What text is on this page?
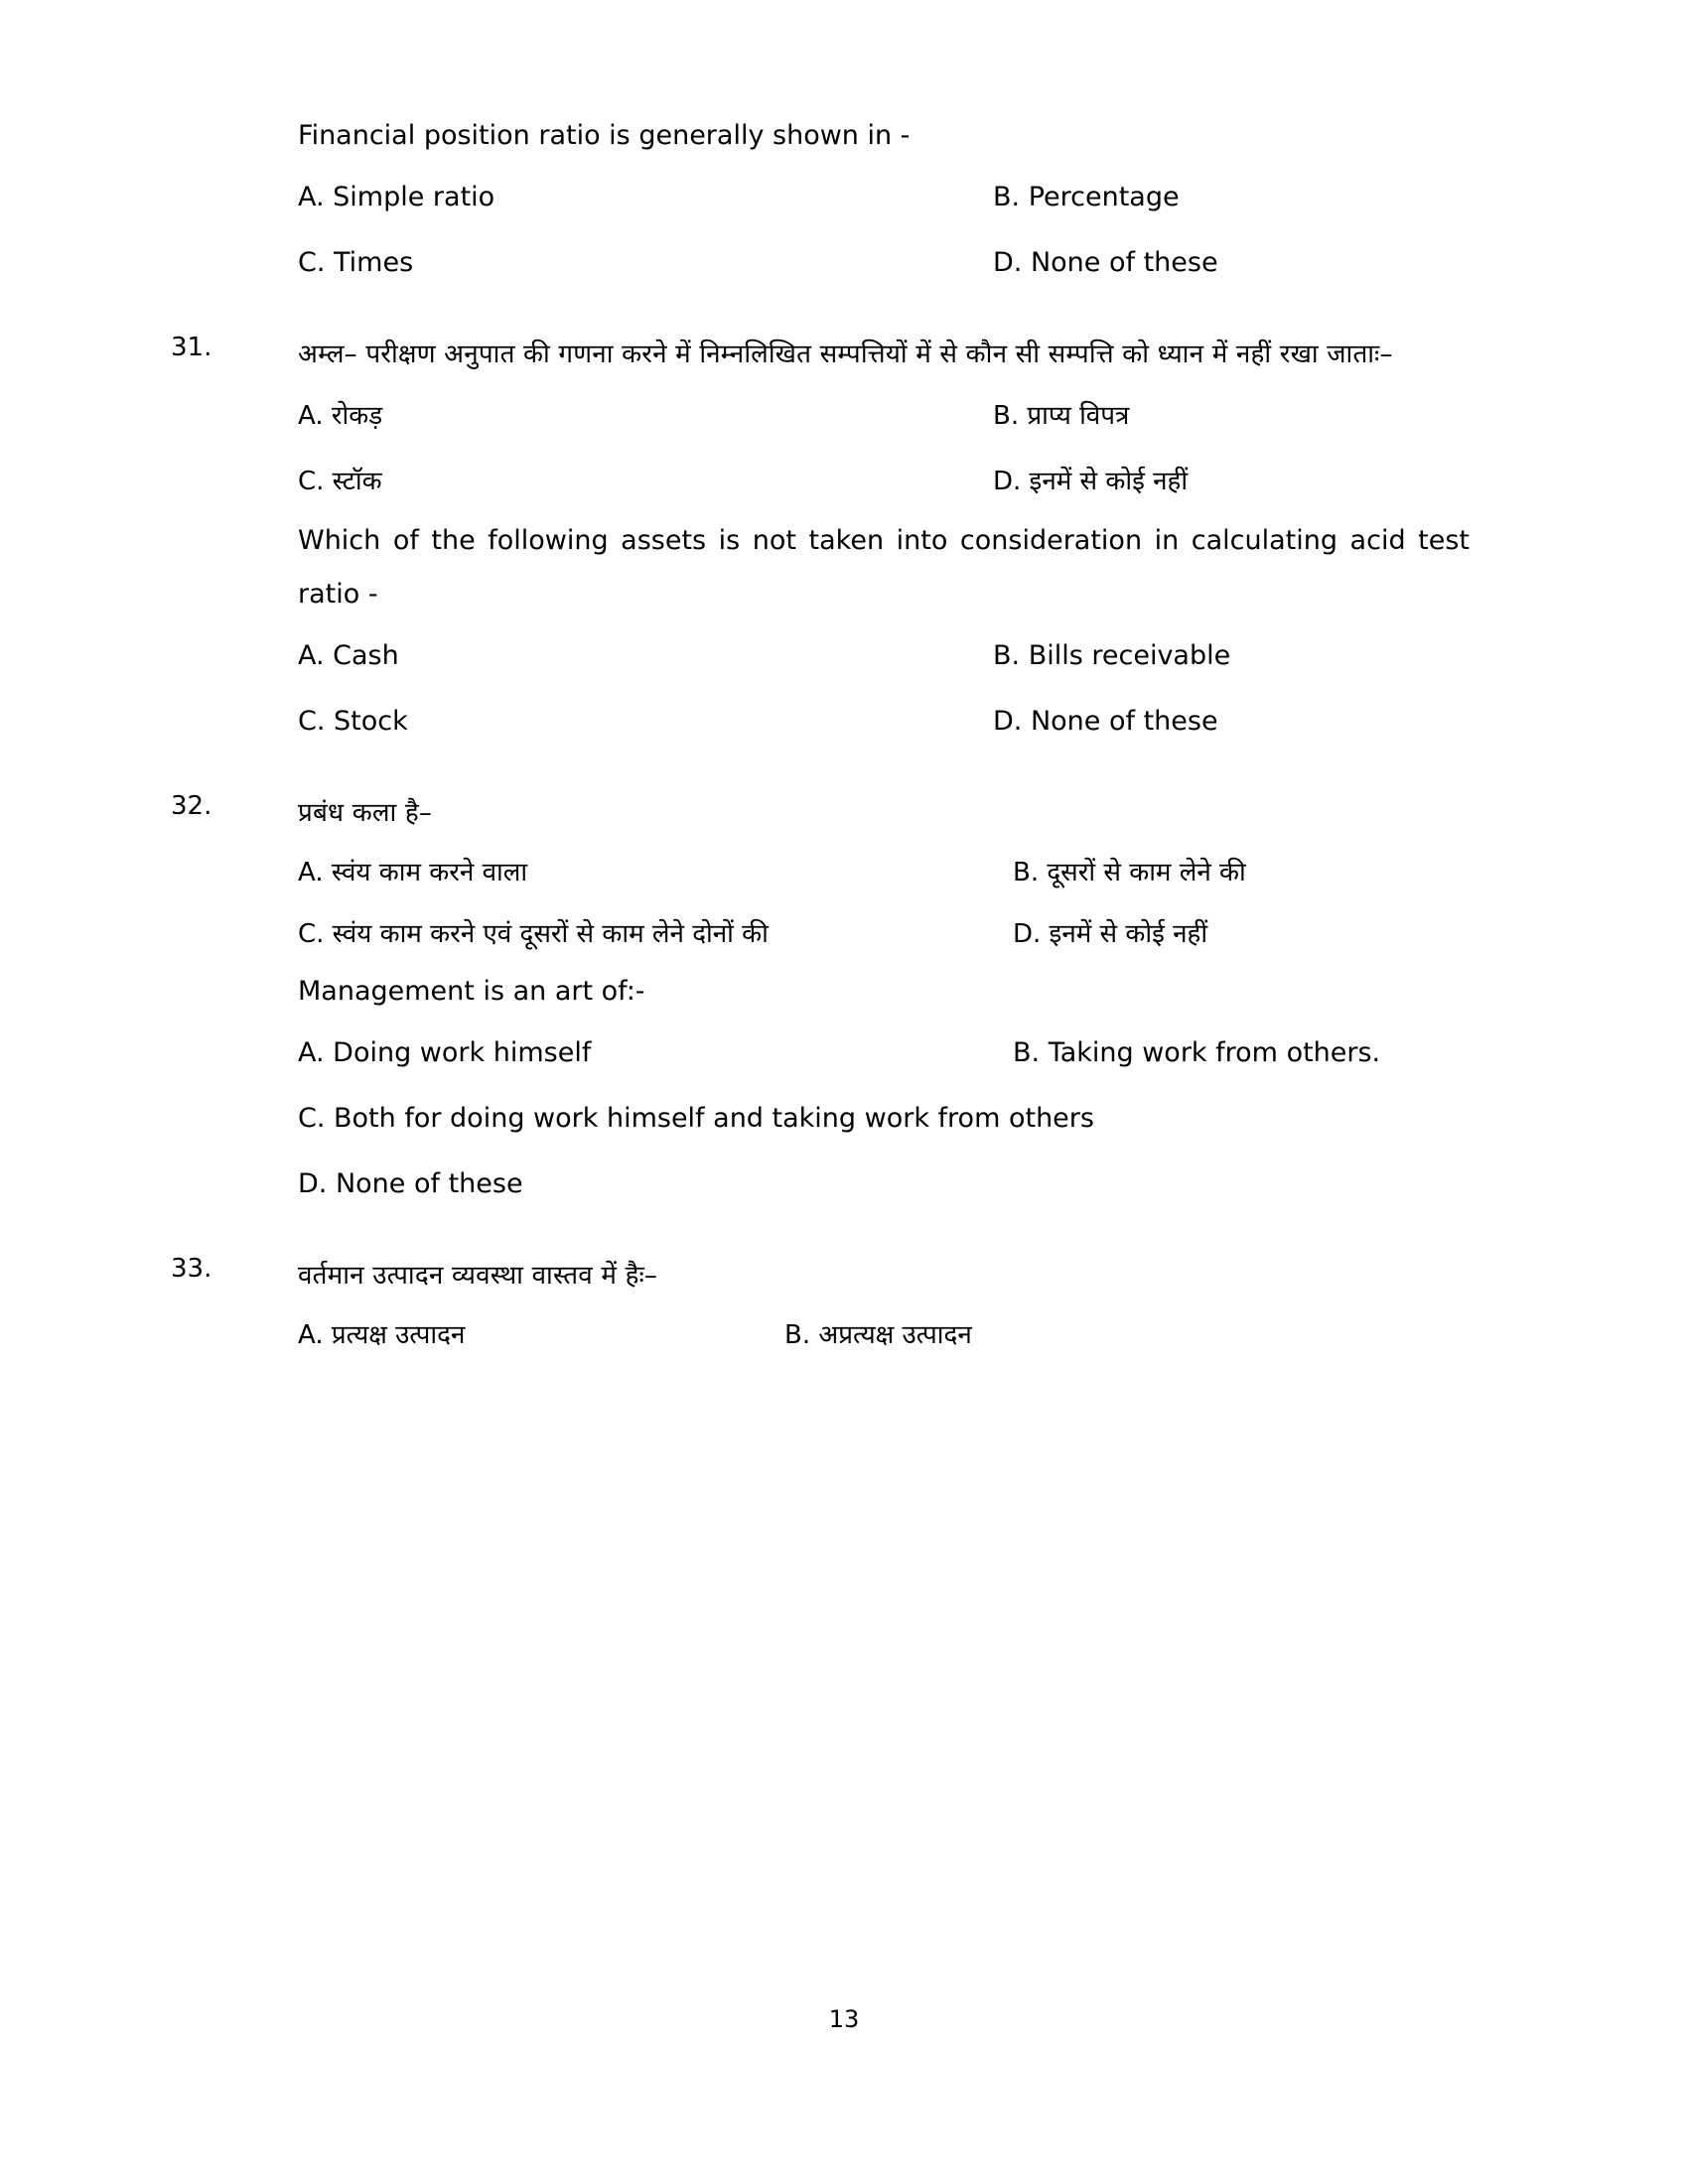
Financial position ratio is generally shown in -
A. Simple ratio	B. Percentage
C. Times	D. None of these
31.	अम्ल– परीक्षण अनुपात की गणना करने में निम्नलिखित सम्पत्तियों में से कौन सी सम्पत्ति को ध्यान में नहीं रखा जाताः–
A. रोकड़	B. प्राप्य विपत्र
C. स्टॉक	D. इनमें से कोई नहीं
Which of the following assets is not taken into consideration in calculating acid test ratio -
A. Cash	B. Bills receivable
C. Stock	D. None of these
32.	प्रबंध कला है–
A. स्वंय काम करने वाला	B. दूसरों से काम लेने की
C. स्वंय काम करने एवं दूसरों से काम लेने दोनों की	D. इनमें से कोई नहीं
Management is an art of:-
A. Doing work himself	B. Taking work from others.
C. Both for doing work himself and taking work from others
D. None of these
33.	वर्तमान उत्पादन व्यवस्था वास्तव में हैः–
A. प्रत्यक्ष उत्पादन	B. अप्रत्यक्ष उत्पादन
13
